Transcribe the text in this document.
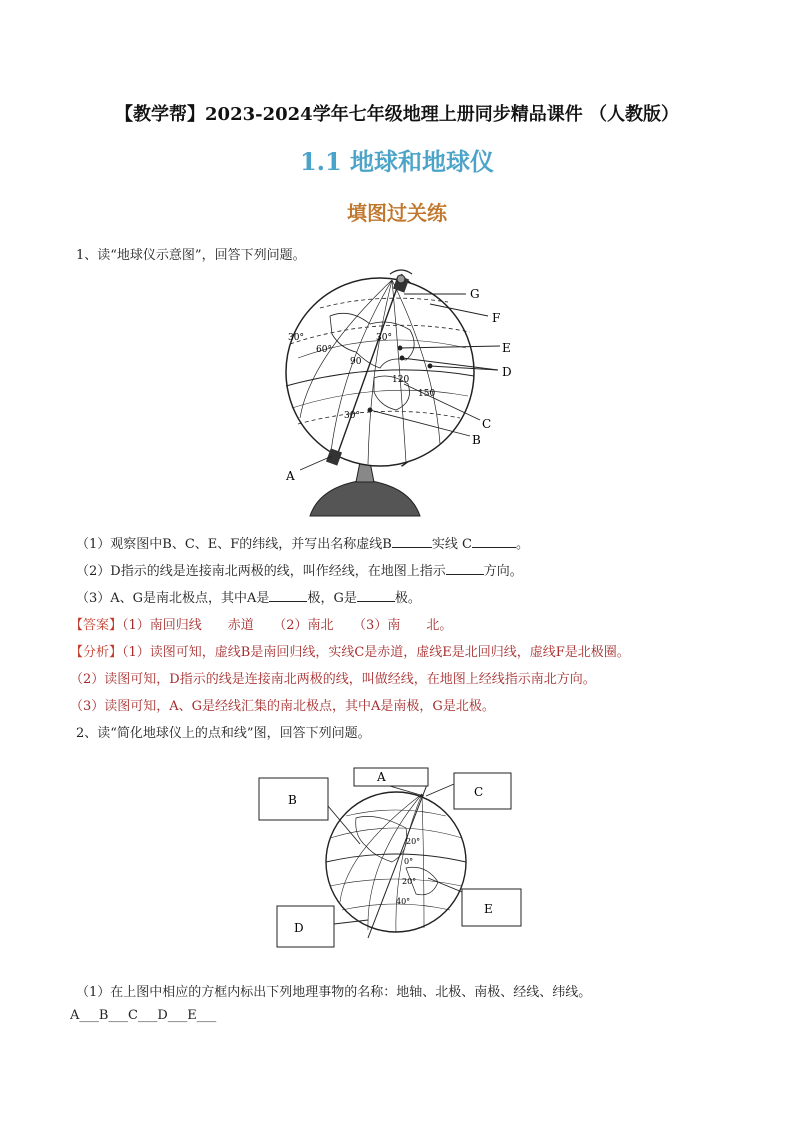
【教学帮】2023-2024学年七年级地理上册同步精品课件 （人教版）
1.1 地球和地球仪
填图过关练
1、读“地球仪示意图”，回答下列问题。
30°
60°
30°
90
120
150
30°
G
F
E
D
C
B
A
（1）观察图中B、C、E、F的纬线，并写出名称虚线B	实线 C	。
（2）D指示的线是连接南北两极的线，叫作经线，在地图上指示	方向。
（3）A、G是南北极点，其中A是	极，G是	极。
【答案】（1）南回归线　　赤道　　（2）南北　　（3）南　　北。
【分析】（1）读图可知，虚线B是南回归线，实线C是赤道，虚线E是北回归线，虚线F是北极圈。
（2）读图可知，D指示的线是连接南北两极的线，叫做经线，在地图上经线指示南北方向。
（3）读图可知，A、G是经线汇集的南北极点，其中A是南极，G是北极。
2、读“简化地球仪上的点和线”图，回答下列问题。
20°
0°
20°
40°
B
A
C
D
E
（1）在上图中相应的方框内标出下列地理事物的名称：地轴、北极、南极、经线、纬线。
A___B___C___D___E___
